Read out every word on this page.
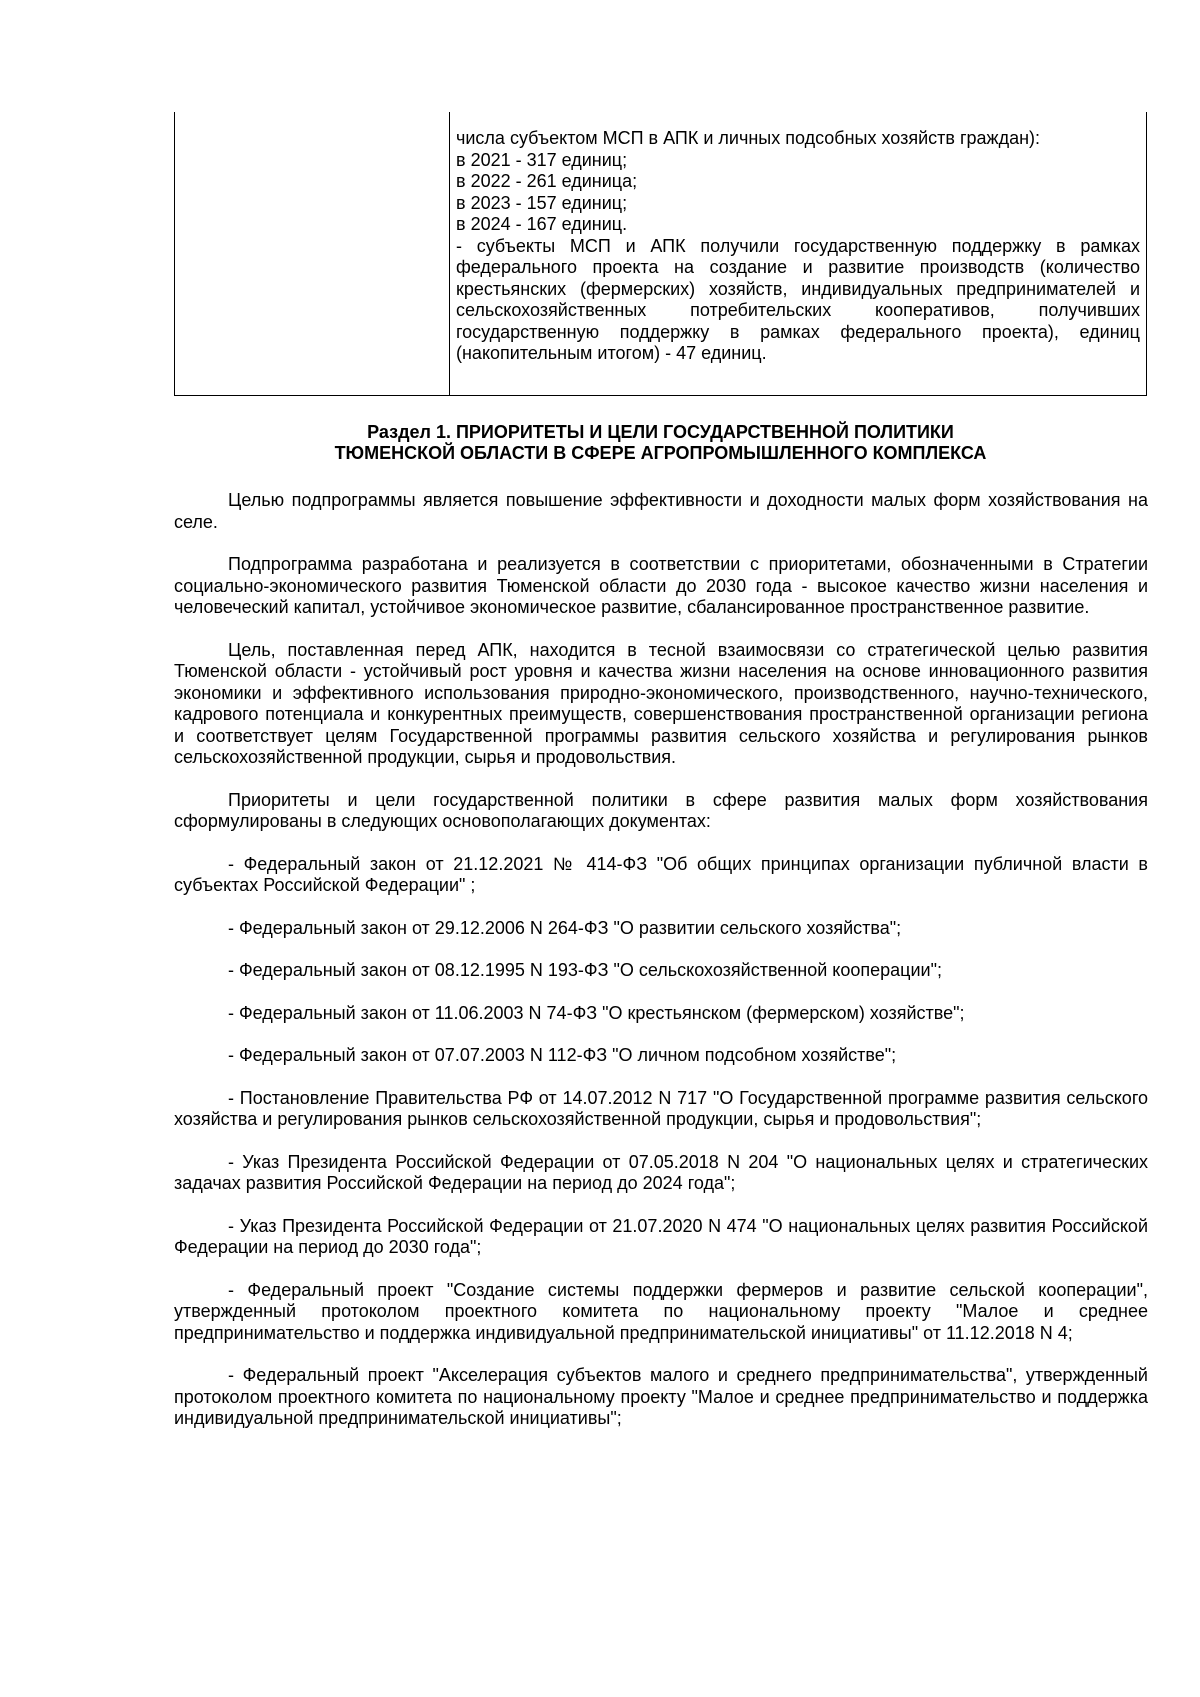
числа субъектом МСП в АПК и личных подсобных хозяйств граждан):
в 2021 - 317 единиц;
в 2022 - 261 единица;
в 2023 - 157 единиц;
в 2024 - 167 единиц.
- субъекты МСП и АПК получили государственную поддержку в рамках федерального проекта на создание и развитие производств (количество крестьянских (фермерских) хозяйств, индивидуальных предпринимателей и сельскохозяйственных потребительских кооперативов, получивших государственную поддержку в рамках федерального проекта), единиц (накопительным итогом) - 47 единиц.
Раздел 1. ПРИОРИТЕТЫ И ЦЕЛИ ГОСУДАРСТВЕННОЙ ПОЛИТИКИ
ТЮМЕНСКОЙ ОБЛАСТИ В СФЕРЕ АГРОПРОМЫШЛЕННОГО КОМПЛЕКСА

Целью подпрограммы является повышение эффективности и доходности малых форм хозяйствования на селе.

Подпрограмма разработана и реализуется в соответствии с приоритетами, обозначенными в Стратегии социально-экономического развития Тюменской области до 2030 года - высокое качество жизни населения и человеческий капитал, устойчивое экономическое развитие, сбалансированное пространственное развитие.

Цель, поставленная перед АПК, находится в тесной взаимосвязи со стратегической целью развития Тюменской области - устойчивый рост уровня и качества жизни населения на основе инновационного развития экономики и эффективного использования природно-экономического, производственного, научно-технического, кадрового потенциала и конкурентных преимуществ, совершенствования пространственной организации региона и соответствует целям Государственной программы развития сельского хозяйства и регулирования рынков сельскохозяйственной продукции, сырья и продовольствия.

Приоритеты и цели государственной политики в сфере развития малых форм хозяйствования сформулированы в следующих основополагающих документах:

- Федеральный закон от 21.12.2021 № 414-ФЗ "Об общих принципах организации публичной власти в субъектах Российской Федерации" ;

- Федеральный закон от 29.12.2006 N 264-ФЗ "О развитии сельского хозяйства";

- Федеральный закон от 08.12.1995 N 193-ФЗ "О сельскохозяйственной кооперации";

- Федеральный закон от 11.06.2003 N 74-ФЗ "О крестьянском (фермерском) хозяйстве";

- Федеральный закон от 07.07.2003 N 112-ФЗ "О личном подсобном хозяйстве";

- Постановление Правительства РФ от 14.07.2012 N 717 "О Государственной программе развития сельского хозяйства и регулирования рынков сельскохозяйственной продукции, сырья и продовольствия";

- Указ Президента Российской Федерации от 07.05.2018 N 204 "О национальных целях и стратегических задачах развития Российской Федерации на период до 2024 года";

- Указ Президента Российской Федерации от 21.07.2020 N 474 "О национальных целях развития Российской Федерации на период до 2030 года";

- Федеральный проект "Создание системы поддержки фермеров и развитие сельской кооперации", утвержденный протоколом проектного комитета по национальному проекту "Малое и среднее предпринимательство и поддержка индивидуальной предпринимательской инициативы" от 11.12.2018 N 4;

- Федеральный проект "Акселерация субъектов малого и среднего предпринимательства", утвержденный протоколом проектного комитета по национальному проекту "Малое и среднее предпринимательство и поддержка индивидуальной предпринимательской инициативы";
